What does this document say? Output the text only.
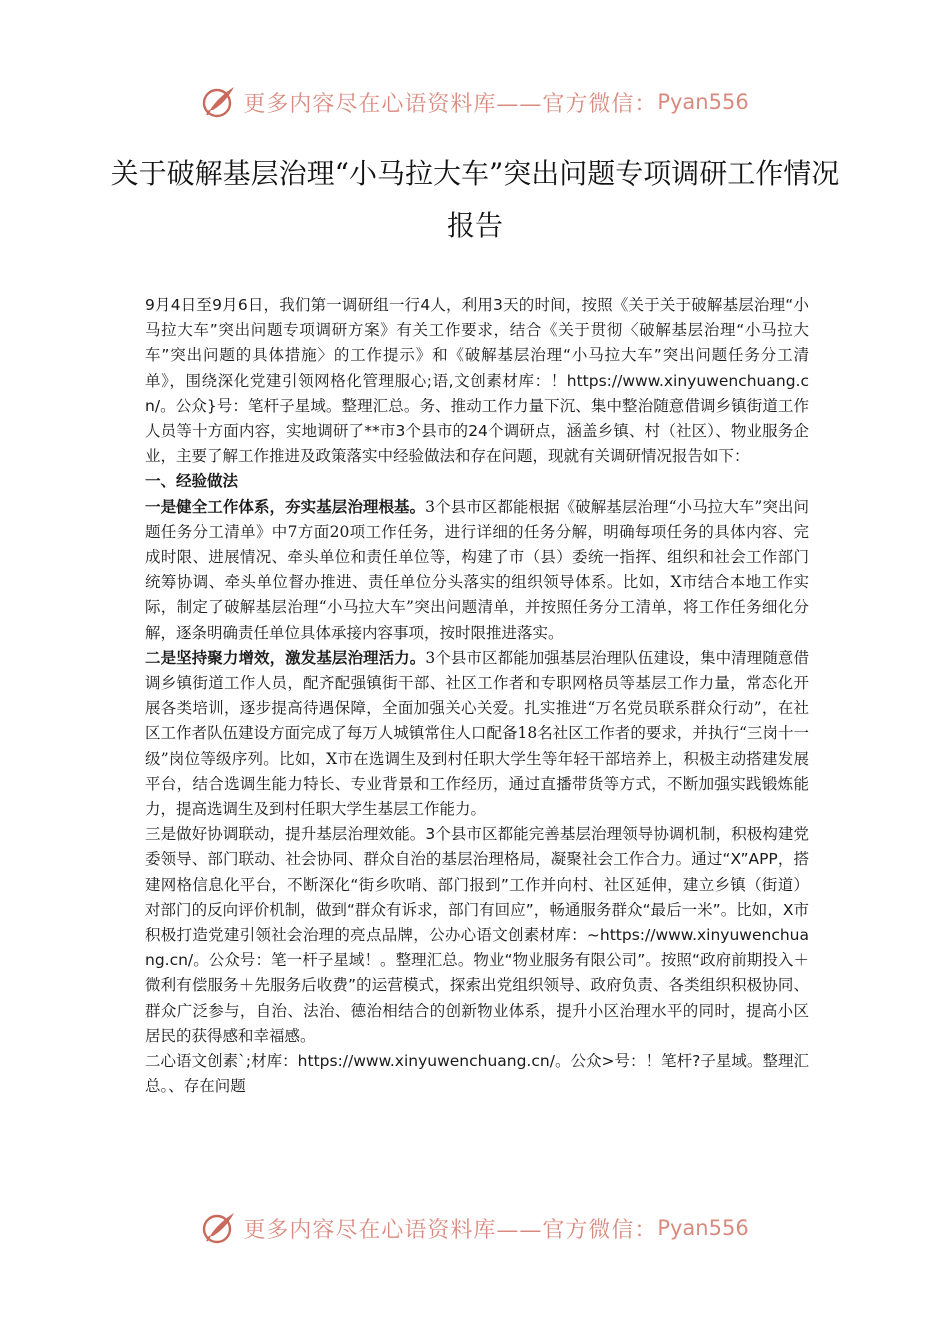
更多内容尽在心语资料库——官方微信： Pyan556
关于破解基层治理“小马拉大车”突出问题专项调研工作情况报告

9月4日至9月6日，我们第一调研组一行4人，利用3天的时间，按照《关于关于破解基层治理“小马拉大车”突出问题专项调研方案》有关工作要求，结合《关于贯彻〈破解基层治理“小马拉大车”突出问题的具体措施〉的工作提示》和《破解基层治理“小马拉大车”突出问题任务分工清单》，围绕深化党建引领网格化管理服心;语,文创素材库：！https://www.xinyuwenchuang.cn/。公众}号：笔杆子星域。整理汇总。务、推动工作力量下沉、集中整治随意借调乡镇街道工作人员等十方面内容，实地调研了**市3个县市的24个调研点，涵盖乡镇、村（社区）、物业服务企业，主要了解工作推进及政策落实中经验做法和存在问题，现就有关调研情况报告如下：

一、经验做法

一是健全工作体系，夯实基层治理根基。3个县市区都能根据《破解基层治理“小马拉大车”突出问题任务分工清单》中7方面20项工作任务，进行详细的任务分解，明确每项任务的具体内容、完成时限、进展情况、牵头单位和责任单位等，构建了市（县）委统一指挥、组织和社会工作部门统筹协调、牵头单位督办推进、责任单位分头落实的组织领导体系。比如，X市结合本地工作实际，制定了破解基层治理“小马拉大车”突出问题清单，并按照任务分工清单，将工作任务细化分解，逐条明确责任单位具体承接内容事项，按时限推进落实。

二是坚持聚力增效，激发基层治理活力。3个县市区都能加强基层治理队伍建设，集中清理随意借调乡镇街道工作人员，配齐配强镇街干部、社区工作者和专职网格员等基层工作力量，常态化开展各类培训，逐步提高待遇保障，全面加强关心关爱。扎实推进“万名党员联系群众行动”，在社区工作者队伍建设方面完成了每万人城镇常住人口配备18名社区工作者的要求，并执行“三岗十一级”岗位等级序列。比如，X市在选调生及到村任职大学生等年轻干部培养上，积极主动搭建发展平台，结合选调生能力特长、专业背景和工作经历，通过直播带货等方式，不断加强实践锻炼能力，提高选调生及到村任职大学生基层工作能力。

三是做好协调联动，提升基层治理效能。3个县市区都能完善基层治理领导协调机制，积极构建党委领导、部门联动、社会协同、群众自治的基层治理格局，凝聚社会工作合力。通过“X”APP，搭建网格信息化平台，不断深化“街乡吹哨、部门报到”工作并向村、社区延伸，建立乡镇（街道）对部门的反向评价机制，做到“群众有诉求，部门有回应”，畅通服务群众“最后一米”。比如，X市积极打造党建引领社会治理的亮点品牌，公办心语文创素材库：~https://www.xinyuwenchuang.cn/。公众号：笔一杆子星域！。整理汇总。物业“物业服务有限公司”。按照“政府前期投入＋微利有偿服务＋先服务后收费”的运营模式，探索出党组织领导、政府负责、各类组织积极协同、群众广泛参与，自治、法治、德治相结合的创新物业体系，提升小区治理水平的同时，提高小区居民的获得感和幸福感。

二心语文创素`;材库：https://www.xinyuwenchuang.cn/。公众>号：！笔杆?子星域。整理汇总。、存在问题

更多内容尽在心语资料库——官方微信： Pyan556
